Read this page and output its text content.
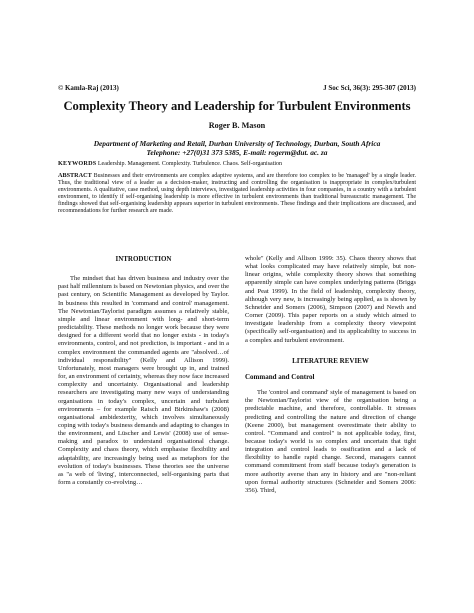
© Kamla-Raj (2013)	J Soc Sci, 36(3): 295-307 (2013)
Complexity Theory and Leadership for Turbulent Environments
Roger B. Mason
Department of Marketing and Retail, Durban University of Technology, Durban, South Africa
Telephone: +27(0)31 373 5385, E-mail: rogerm@dut. ac. za
KEYWORDS Leadership. Management. Complexity. Turbulence. Chaos. Self-organisation
ABSTRACT Businesses and their environments are complex adaptive systems, and are therefore too complex to be 'managed' by a single leader. Thus, the traditional view of a leader as a decision-maker, instructing and controlling the organisation is inappropriate in complex/turbulent environments. A qualitative, case method, using depth interviews, investigated leadership activities in four companies, in a country with a turbulent environment, to identify if self-organising leadership is more effective in turbulent environments than traditional bureaucratic management. The findings showed that self-organising leadership appears superior in turbulent environments. These findings and their implications are discussed, and recommendations for further research are made.
INTRODUCTION

The mindset that has driven business and industry over the past half millennium is based on Newtonian physics, and over the past century, on Scientific Management as developed by Taylor. In business this resulted in 'command and control' management. The Newtonian/Taylorist paradigm assumes a relatively stable, simple and linear environment with long- and short-term predictability. These methods no longer work because they were designed for a different world that no longer exists - in today's environments, control, and not prediction, is important - and in a complex environment the commanded agents are "absolved…of individual responsibility" (Kelly and Allison 1999). Unfortunately, most managers were brought up in, and trained for, an environment of certainty, whereas they now face increased complexity and uncertainty. Organisational and leadership researchers are investigating many new ways of understanding organisations in today's complex, uncertain and turbulent environments – for example Raisch and Birkinshaw's (2008) organisational ambidexterity, which involves simultaneously coping with today's business demands and adapting to changes in the environment, and Lüscher and Lewis' (2008) use of sense-making and paradox to understand organisational change. Complexity and chaos theory, which emphasise flexibility and adaptability, are increasingly being used as metaphors for the evolution of today's businesses. These theories see the universe as "a web of 'living', interconnected, self-organising parts that form a constantly co-evolving…

whole" (Kelly and Allison 1999: 35). Chaos theory shows that what looks complicated may have relatively simple, but non-linear origins, while complexity theory shows that something apparently simple can have complex underlying patterns (Briggs and Peat 1999). In the field of leadership, complexity theory, although very new, is increasingly being applied, as is shown by Schneider and Somers (2006), Simpson (2007) and Newth and Corner (2009). This paper reports on a study which aimed to investigate leadership from a complexity theory viewpoint (specifically self-organisation) and its applicability to success in a complex and turbulent environment.

LITERATURE REVIEW
Command and Control

The 'control and command' style of management is based on the Newtonian/Taylorist view of the organisation being a predictable machine, and therefore, controllable. It stresses predicting and controlling the nature and direction of change (Keene 2000), but management overestimate their ability to control. "Command and control" is not applicable today, first, because today's world is so complex and uncertain that tight integration and control leads to ossification and a lack of flexibility to handle rapid change. Second, managers cannot command commitment from staff because today's generation is more authority averse than any in history and are "non-reliant upon formal authority structures (Schneider and Somers 2006: 356). Third,
